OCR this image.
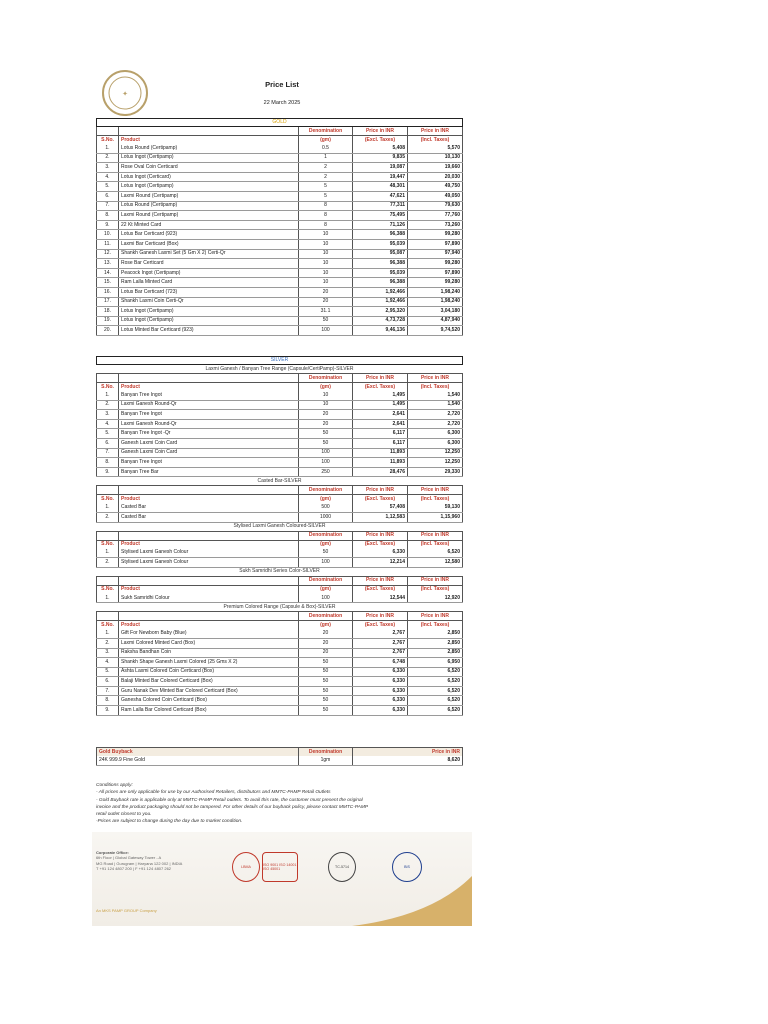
✦
Price List
22 March 2025
GOLD				
		Denomination	Price in INR	Price in INR
S.No.	Product	(gm)	(Excl. Taxes)	(Incl. Taxes)
1.	Lotus Round (Certipamp)	0.5	5,408	5,570
2.	Lotus Ingot (Certipamp)	1	9,835	10,130
3.	Rose Oval Coin Certicard	2	19,087	19,660
4.	Lotus Ingot (Certicard)	2	19,447	20,030
5.	Lotus Ingot (Certipamp)	5	48,301	49,750
6.	Laxmi Round (Certipamp)	5	47,621	49,050
7.	Lotus Round (Certipamp)	8	77,311	79,630
8.	Laxmi Round (Certipamp)	8	75,495	77,760
9.	22 Kt Minted Card	8	71,126	73,260
10.	Lotus Bar Certicard (923)	10	96,388	99,280
11.	Laxmi Bar Certicard (Box)	10	95,039	97,890
12.	Shankh Ganesh Laxmi Set (5 Gm X 2) Certi-Qr	10	95,087	97,940
13.	Rose Bar Certicard	10	96,388	99,280
14.	Peacock Ingot (Certipamp)	10	95,039	97,890
15.	Ram Lalla Minted Card	10	96,388	99,280
16.	Lotus Bar Certicard (723)	20	1,92,466	1,98,240
17.	Shankh Laxmi Coin Certi-Qr	20	1,92,466	1,98,240
18.	Lotus Ingot (Certipamp)	31.1	2,95,320	3,04,180
19.	Lotus Ingot (Certipamp)	50	4,73,728	4,87,940
20.	Lotus Minted Bar Certicard (923)	100	9,46,136	9,74,520
SILVER				
Laxmi Ganesh / Banyan Tree Range (Capsule/CertiPamp)-SILVER				
		Denomination	Price in INR	Price in INR
S.No.	Product	(gm)	(Excl. Taxes)	(Incl. Taxes)
1.	Banyan Tree Ingot	10	1,495	1,540
2.	Laxmi Ganesh Round-Qr	10	1,495	1,540
3.	Banyan Tree Ingot	20	2,641	2,720
4.	Laxmi Ganesh Round-Qr	20	2,641	2,720
5.	Banyan Tree Ingot -Qr	50	6,117	6,300
6.	Ganesh Laxmi Coin Card	50	6,117	6,300
7.	Ganesh Laxmi Coin Card	100	11,893	12,250
8.	Banyan Tree Ingot	100	11,893	12,250
9.	Banyan Tree Bar	250	28,476	29,330
Casted Bar-SILVER				
		Denomination	Price in INR	Price in INR
S.No.	Product	(gm)	(Excl. Taxes)	(Incl. Taxes)
1.	Casted Bar	500	57,408	59,130
2.	Casted Bar	1000	1,12,583	1,15,960
Stylised Laxmi Ganesh Coloured-SILVER				
		Denomination	Price in INR	Price in INR
S.No.	Product	(gm)	(Excl. Taxes)	(Incl. Taxes)
1.	Stylised Laxmi Ganesh Colour	50	6,330	6,520
2.	Stylised Laxmi Ganesh Colour	100	12,214	12,580
Sukh Samridhi Series Color-SILVER				
		Denomination	Price in INR	Price in INR
S.No.	Product	(gm)	(Excl. Taxes)	(Incl. Taxes)
1.	Sukh Samridhi Colour	100	12,544	12,920
Premium Colored Range (Capsule & Box)-SILVER				
		Denomination	Price in INR	Price in INR
S.No.	Product	(gm)	(Excl. Taxes)	(Incl. Taxes)
1.	Gift For Newborn Baby (Blue)	20	2,767	2,850
2.	Laxmi Colored Minted Card (Box)	20	2,767	2,850
3.	Raksha Bandhan Coin	20	2,767	2,850
4.	Shankh Shape Ganesh Laxmi Colored (25 Gms X 2)	50	6,748	6,950
5.	Ashta Laxmi Colored Coin Certicard (Box)	50	6,330	6,520
6.	Balaji Minted Bar Colored Certicard (Box)	50	6,330	6,520
7.	Guru Nanak Dev Minted Bar Colored Certicard (Box)	50	6,330	6,520
8.	Ganesha Colored Coin Certicard (Box)	50	6,330	6,520
9.	Ram Lalla Bar Colored Certicard (Box)	50	6,330	6,520
Gold Buyback	Denomination	Price in INR
24K 999.9 Fine Gold	1gm	8,620
Conditions apply:
- All prices are only applicable for use by our Authorised Retailers, distributors and MMTC-PAMP Retail Outlets
- Gold Buyback rate is applicable only at MMTC-PAMP Retail outlets. To avail this rate, the customer must present the original
invoice and the product packaging should not be tampered. For other details of our buyback policy, please contact MMTC-PAMP
retail outlet closest to you.
-Prices are subject to change during the day due to market condition.
Corporate Office:
6th Floor | Global Gateway Tower - A
MG Road | Gurugram | Haryana 122 002 | INDIA
T +91 124 4807 200 | F +91 124 4807 262	LBMA	ISO 9001 ISO 14001 ISO 45001	TC-5714	BIS
An MKS PAMP GROUP Company
